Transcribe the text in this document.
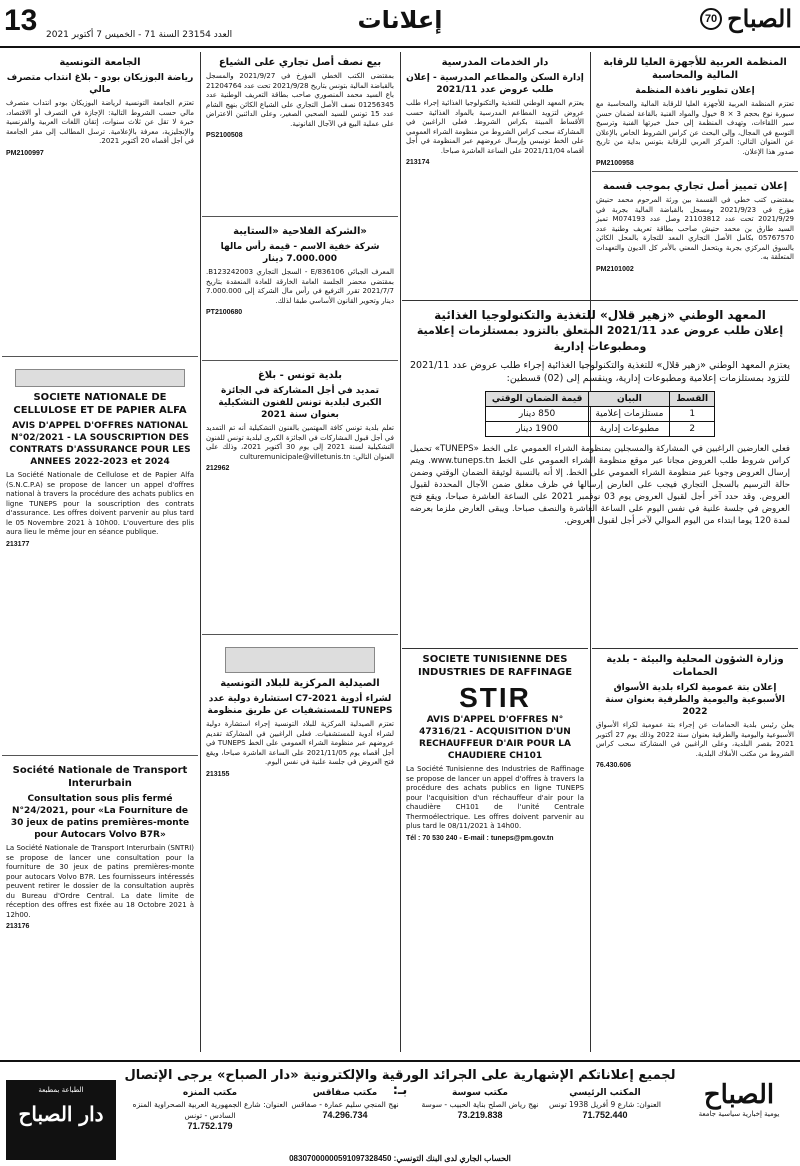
13 العدد 23154 السنة 71 - الخميس 7 أكتوبر 2021
إعلانات	70 الصباح
الجامعة التونسية
رياضة البوزيكان بودو - بلاغ انتداب متصرف مالي
تعتزم الجامعة التونسية لرياضة البوزيكان بودو انتداب متصرف مالي حسب الشروط التالية: الإجازة في التصرف أو الاقتصاد، خبرة لا تقل عن ثلاث سنوات، إتقان اللغات العربية والفرنسية والإنجليزية، معرفة بالإعلامية. ترسل المطالب إلى مقر الجامعة في أجل أقصاه 20 أكتوبر 2021.
PM2100997
SOCIETE NATIONALE DE CELLULOSE ET DE PAPIER ALFA
AVIS D'APPEL D'OFFRES NATIONAL N°02/2021 - LA SOUSCRIPTION DES CONTRATS D'ASSURANCE POUR LES ANNEES 2022-2023 et 2024
La Société Nationale de Cellulose et de Papier Alfa (S.N.C.P.A) se propose de lancer un appel d'offres national à travers la procédure des achats publics en ligne TUNEPS pour la souscription des contrats d'assurance. Les offres doivent parvenir au plus tard le 05 Novembre 2021 à 10h00. L'ouverture des plis aura lieu le même jour en séance publique.
213177
Société Nationale de Transport Interurbain
Consultation sous plis fermé N°24/2021, pour «La Fourniture de 30 jeux de patins premières-monte pour Autocars Volvo B7R»
La Société Nationale de Transport Interurbain (SNTRI) se propose de lancer une consultation pour la fourniture de 30 jeux de patins premières-monte pour autocars Volvo B7R. Les fournisseurs intéressés peuvent retirer le dossier de la consultation auprès du Bureau d'Ordre Central. La date limite de réception des offres est fixée au 18 Octobre 2021 à 12h00.
213176
بيع نصف أصل تجاري على الشياع
بمقتضى الكتب الخطي المؤرخ في 2021/9/27 والمسجل بالقباضة المالية بتونس بتاريخ 2021/9/28 تحت عدد 21204764 باع السيد محمد المنصوري صاحب بطاقة التعريف الوطنية عدد 01256345 نصف الأصل التجاري على الشياع الكائن بنهج الشام عدد 15 تونس للسيد الصحبي الصغير، وعلى الدائنين الاعتراض على عملية البيع في الآجال القانونية.
PS2100508
الشركة الفلاحية «الستايبة»
شركة خفية الاسم - قيمة رأس مالها 7.000.000 دينار
المعرف الجبائي 836106/E - السجل التجاري B123242003. بمقتضى محضر الجلسة العامة الخارقة للعادة المنعقدة بتاريخ 2021/7/7 تقرر الترفيع في رأس مال الشركة إلى 7.000.000 دينار وتحوير القانون الأساسي طبقا لذلك.
PT2100680
بلدية تونس - بلاغ
تمديد في أجل المشاركة في الجائزة الكبرى لبلدية تونس للفنون التشكيلية بعنوان سنة 2021
تعلم بلدية تونس كافة المهتمين بالفنون التشكيلية أنه تم التمديد في أجل قبول المشاركات في الجائزة الكبرى لبلدية تونس للفنون التشكيلية لسنة 2021 إلى يوم 30 أكتوبر 2021، وذلك على العنوان التالي: culturemunicipale@villetunis.tn
212962
الصيدلية المركزية للبلاد التونسية
استشارة دولية عدد C7-2021 لشراء أدوية للمستشفيات عن طريق منظومة TUNEPS
تعتزم الصيدلية المركزية للبلاد التونسية إجراء استشارة دولية لشراء أدوية للمستشفيات. فعلى الراغبين في المشاركة تقديم عروضهم عبر منظومة الشراء العمومي على الخط TUNEPS في أجل أقصاه يوم 2021/11/05 على الساعة العاشرة صباحا، ويقع فتح العروض في جلسة علنية في نفس اليوم.
213155
دار الخدمات المدرسية
إدارة السكن والمطاعم المدرسية - إعلان طلب عروض عدد 2021/11
يعتزم المعهد الوطني للتغذية والتكنولوجيا الغذائية إجراء طلب عروض لتزويد المطاعم المدرسية بالمواد الغذائية حسب الأقساط المبينة بكراس الشروط. فعلى الراغبين في المشاركة سحب كراس الشروط من منظومة الشراء العمومي على الخط تونيبس وإرسال عروضهم عبر المنظومة في أجل أقصاه 2021/11/04 على الساعة العاشرة صباحا.
213174
المنظمة العربية للأجهزة العليا للرقابة المالية والمحاسبة
إعلان تطوير نافذة المنظمة
تعتزم المنظمة العربية للأجهزة العليا للرقابة المالية والمحاسبة مع سبورة نوع بحجم 3 × 8 خيول والمواد الفنية بالقاعة لضمان حسن سير اللقاءات، وتهدف المنظمة إلى حمل خبرتها الفنية وترسيخ التوسع في المجال، وإلى البحث عن كراس الشروط الخاص بالإعلان عن العنوان التالي: المركز العربي للرقابة بتونس بداية من تاريخ صدور هذا الإعلان.
PM2100958
إعلان تمييز أصل تجاري بموجب قسمة
بمقتضى كتب خطي في القسمة بين ورثة المرحوم محمد حنيش مؤرخ في 2021/9/23 ومسجل بالقباضة المالية بجربة في 2021/9/29 تحت عدد 21103812 وصل عدد M074193 تميز السيد طارق بن محمد حنيش صاحب بطاقة تعريف وطنية عدد 05767570 بكامل الأصل التجاري المعد للتجارة بالمحل الكائن بالسوق المركزي بجربة ويتحمل المعني بالأمر كل الديون والتعهدات المتعلقة به.
PM2101002
المعهد الوطني «زهير قلال» للتغذية والتكنولوجيا الغذائية
إعلان طلب عروض عدد 2021/11 المتعلق بالتزود بمستلزمات إعلامية ومطبوعات إدارية
يعتزم المعهد الوطني «زهير قلال» للتغذية والتكنولوجيا الغذائية إجراء طلب عروض عدد 2021/11 للتزود بمستلزمات إعلامية ومطبوعات إدارية، وينقسم إلى (02) قسطين:
القسط	البيان	قيمة الضمان الوقتي
1	مستلزمات إعلامية	850 دينار
2	مطبوعات إدارية	1900 دينار
فعلى العارضين الراغبين في المشاركة والمسجلين بمنظومة الشراء العمومي على الخط «TUNEPS» تحميل كراس شروط طلب العروض مجانا عبر موقع منظومة الشراء العمومي على الخط www.tuneps.tn. ويتم إرسال العروض وجوبا عبر منظومة الشراء العمومي على الخط. إلا أنه بالنسبة لوثيقة الضمان الوقتي وضمن حالة الترسيم بالسجل التجاري فيجب على العارض إرسالها في ظرف مغلق ضمن الآجال المحددة لقبول العروض. وقد حدد آخر أجل لقبول العروض يوم 03 نوفمبر 2021 على الساعة العاشرة صباحا، ويقع فتح العروض في جلسة علنية في نفس اليوم على الساعة العاشرة والنصف صباحا. ويبقى العارض ملزما بعرضه لمدة 120 يوما ابتداء من اليوم الموالي لآخر أجل لقبول العروض.
SOCIETE TUNISIENNE DES INDUSTRIES DE RAFFINAGE
STIR
AVIS D'APPEL D'OFFRES N° 47316/21 - ACQUISITION D'UN RECHAUFFEUR D'AIR POUR LA CHAUDIERE CH101
La Société Tunisienne des Industries de Raffinage se propose de lancer un appel d'offres à travers la procédure des achats publics en ligne TUNEPS pour l'acquisition d'un réchauffeur d'air pour la chaudière CH101 de l'unité Centrale Thermoélectrique. Les offres doivent parvenir au plus tard le 08/11/2021 à 14h00.
Tél : 70 530 240 - E-mail : tuneps@pm.gov.tn
وزارة الشؤون المحلية والبيئة - بلدية الحمامات
إعلان بتة عمومية لكراء بلدية الأسواق الأسبوعية واليومية والطرقية بعنوان سنة 2022
يعلن رئيس بلدية الحمامات عن إجراء بتة عمومية لكراء الأسواق الأسبوعية واليومية والطرقية بعنوان سنة 2022 وذلك يوم 27 أكتوبر 2021 بقصر البلدية، وعلى الراغبين في المشاركة سحب كراس الشروط من مكتب الأملاك البلدية.
76.430.606
لجميع إعلاناتكم الإشهارية على الجرائد الورقية والإلكترونية «دار الصباح» يرجى الإتصال بـ:
الطباعة بمطبعة
دار الصباح
مكتب المنزه
العنوان: شارع الجمهورية العربية الصحراوية المنزه السادس - تونس
71.752.179
مكتب صفاقس
نهج المنجي سليم عمارة - صفاقس
74.296.734
مكتب سوسة
نهج رياض الصلح بناية الحبيب - سوسة
73.219.838
المكتب الرئيسي
العنوان: شارع 9 أفريل 1938 تونس
71.752.440
الصباح
يومية إخبارية سياسية جامعة
الحساب الجاري لدى البنك التونسي: 08307000000591097328450
